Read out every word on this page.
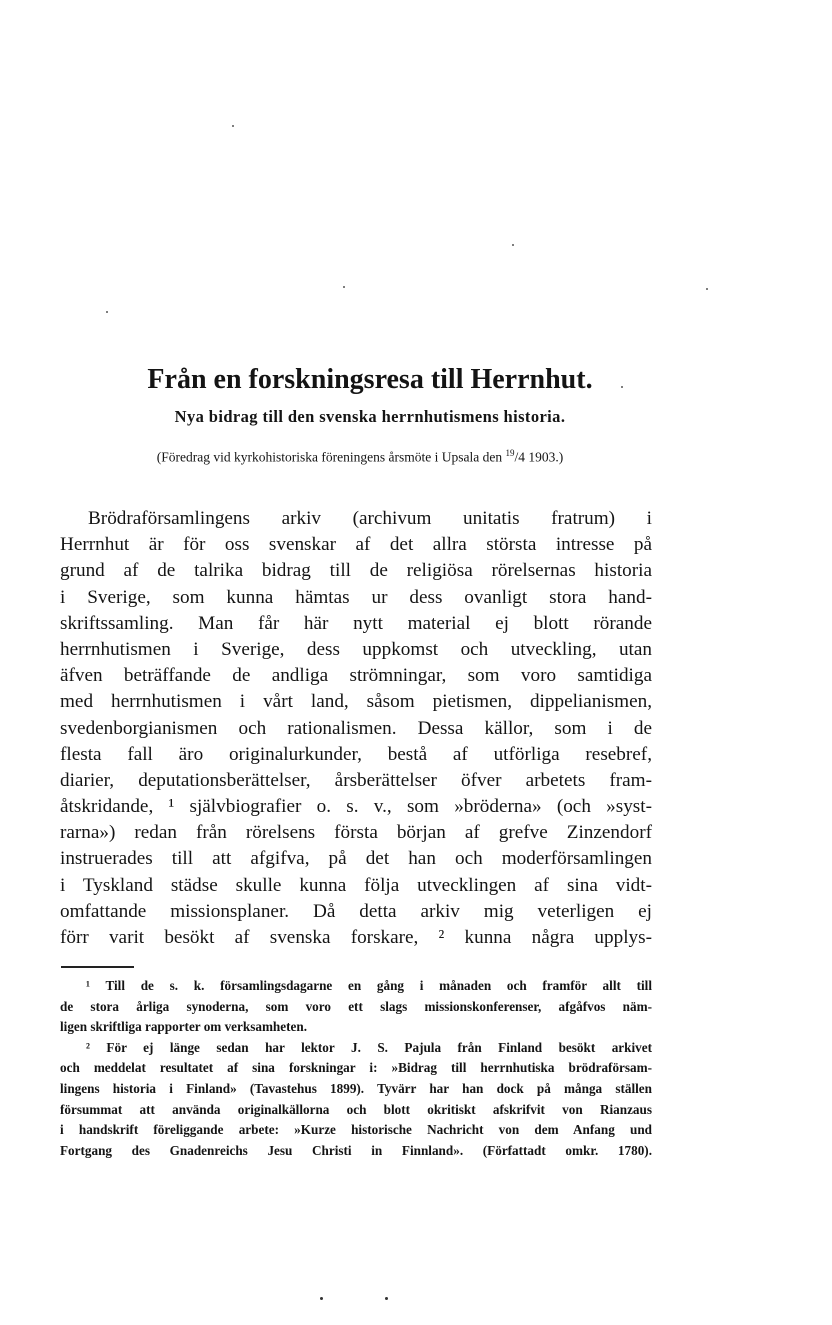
Från en forskningsresa till Herrnhut.
Nya bidrag till den svenska herrnhutismens historia.

(Föredrag vid kyrkohistoriska föreningens årsmöte i Upsala den $^{19}$/4 1903.)

Brödraförsamlingens arkiv (archivum unitatis fratrum) i
Herrnhut är för oss svenskar af det allra största intresse på
grund af de talrika bidrag till de religiösa rörelsernas historia
i Sverige, som kunna hämtas ur dess ovanligt stora hand-
skriftssamling. Man får här nytt material ej blott rörande
herrnhutismen i Sverige, dess uppkomst och utveckling, utan
äfven beträffande de andliga strömningar, som voro samtidiga
med herrnhutismen i vårt land, såsom pietismen, dippelianismen,
svedenborgianismen och rationalismen. Dessa källor, som i de
flesta fall äro originalurkunder, bestå af utförliga resebref,
diarier, deputationsberättelser, årsberättelser öfver arbetets fram-
åtskridande, ¹ självbiografier o. s. v., som »bröderna» (och »syst-
rarna») redan från rörelsens första början af grefve Zinzendorf
instruerades till att afgifva, på det han och moderförsamlingen
i Tyskland städse skulle kunna följa utvecklingen af sina vidt-
omfattande missionsplaner. Då detta arkiv mig veterligen ej
förr varit besökt af svenska forskare, ² kunna några upplys-
¹ Till de s. k. församlingsdagarne en gång i månaden och framför allt till
de stora årliga synoderna, som voro ett slags missionskonferenser, afgåfvos näm-
ligen skriftliga rapporter om verksamheten.
² För ej länge sedan har lektor J. S. Pajula från Finland besökt arkivet
och meddelat resultatet af sina forskningar i: »Bidrag till herrnhutiska brödraförsam-
lingens historia i Finland» (Tavastehus 1899). Tyvärr har han dock på många ställen
försummat att använda originalkällorna och blott okritiskt afskrifvit von Rianzaus
i handskrift föreliggande arbete: »Kurze historische Nachricht von dem Anfang und
Fortgang des Gnadenreichs Jesu Christi in Finnland». (Författadt omkr. 1780).
